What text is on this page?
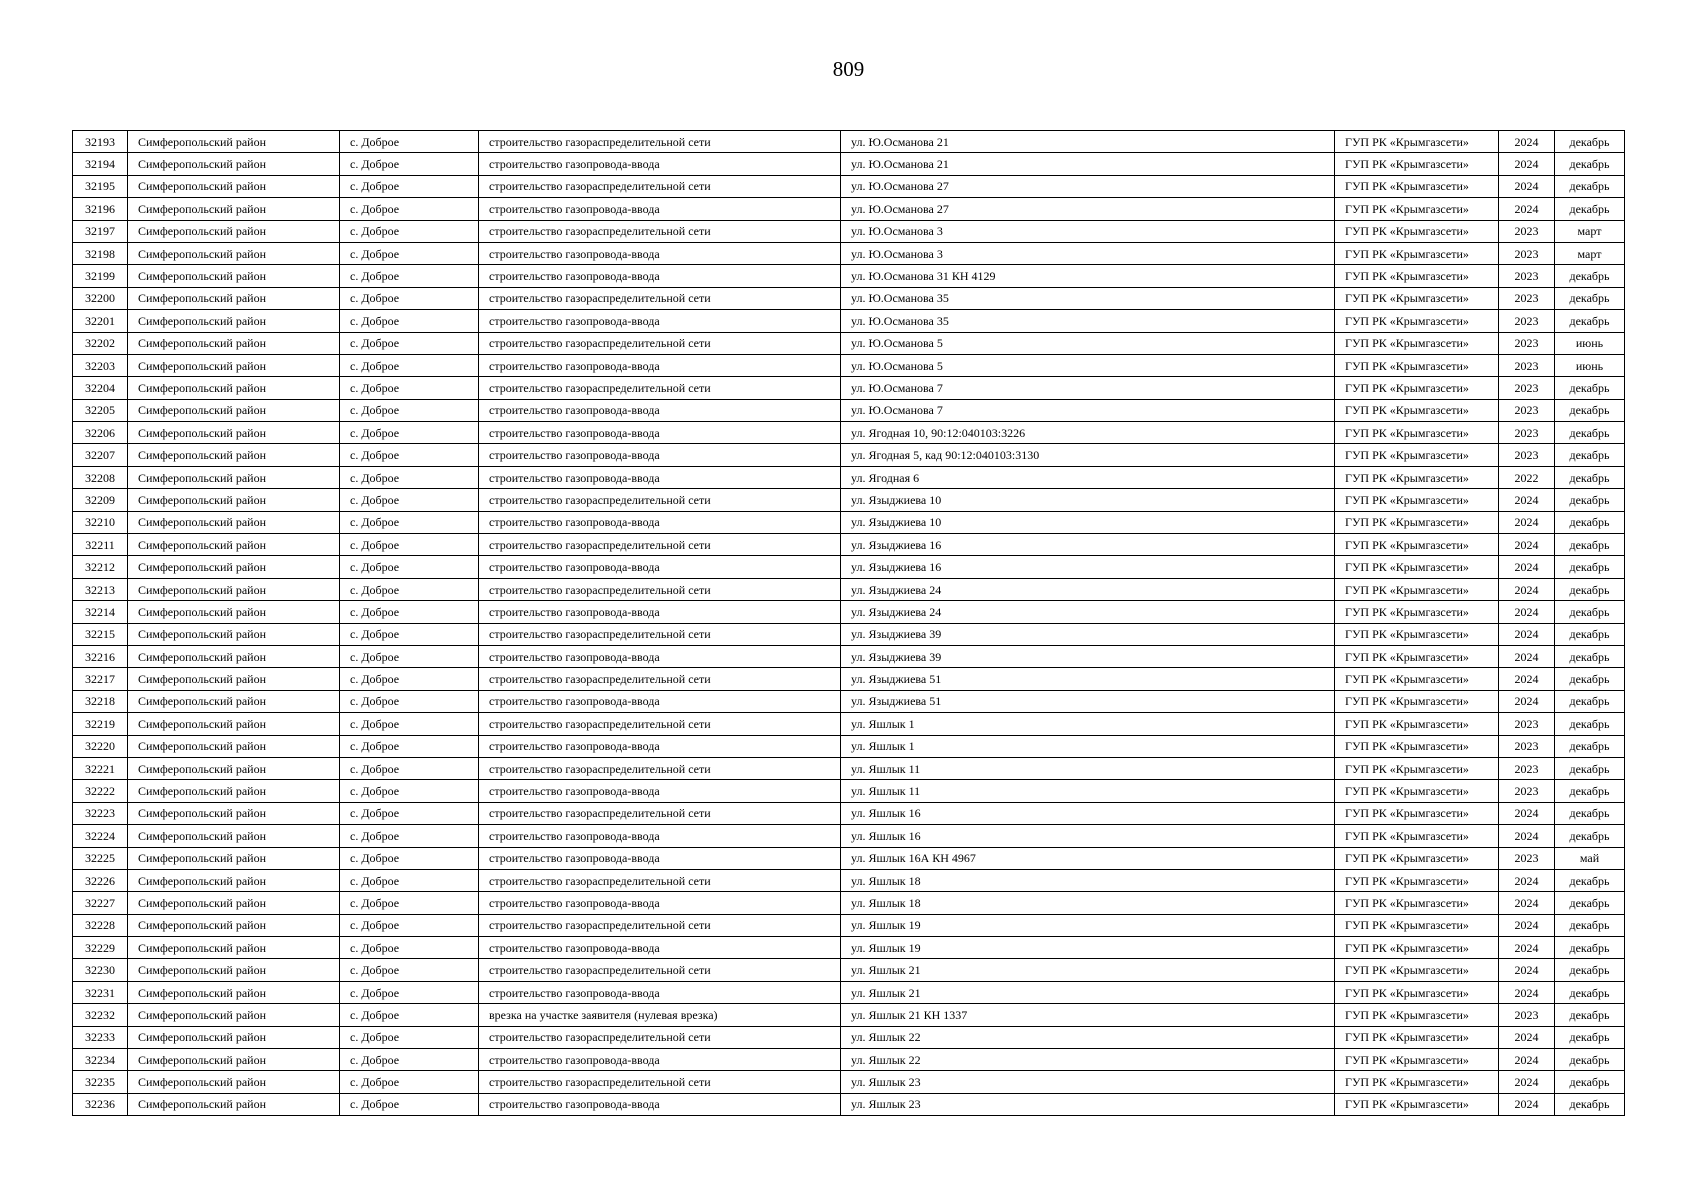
809
32193	Симферопольский район	с. Доброе	строительство газораспределительной сети	ул. Ю.Османова 21	ГУП РК «Крымгазсети»	2024	декабрь
32194	Симферопольский район	с. Доброе	строительство газопровода-ввода	ул. Ю.Османова 21	ГУП РК «Крымгазсети»	2024	декабрь
32195	Симферопольский район	с. Доброе	строительство газораспределительной сети	ул. Ю.Османова 27	ГУП РК «Крымгазсети»	2024	декабрь
32196	Симферопольский район	с. Доброе	строительство газопровода-ввода	ул. Ю.Османова 27	ГУП РК «Крымгазсети»	2024	декабрь
32197	Симферопольский район	с. Доброе	строительство газораспределительной сети	ул. Ю.Османова 3	ГУП РК «Крымгазсети»	2023	март
32198	Симферопольский район	с. Доброе	строительство газопровода-ввода	ул. Ю.Османова 3	ГУП РК «Крымгазсети»	2023	март
32199	Симферопольский район	с. Доброе	строительство газопровода-ввода	ул. Ю.Османова 31 КН 4129	ГУП РК «Крымгазсети»	2023	декабрь
32200	Симферопольский район	с. Доброе	строительство газораспределительной сети	ул. Ю.Османова 35	ГУП РК «Крымгазсети»	2023	декабрь
32201	Симферопольский район	с. Доброе	строительство газопровода-ввода	ул. Ю.Османова 35	ГУП РК «Крымгазсети»	2023	декабрь
32202	Симферопольский район	с. Доброе	строительство газораспределительной сети	ул. Ю.Османова 5	ГУП РК «Крымгазсети»	2023	июнь
32203	Симферопольский район	с. Доброе	строительство газопровода-ввода	ул. Ю.Османова 5	ГУП РК «Крымгазсети»	2023	июнь
32204	Симферопольский район	с. Доброе	строительство газораспределительной сети	ул. Ю.Османова 7	ГУП РК «Крымгазсети»	2023	декабрь
32205	Симферопольский район	с. Доброе	строительство газопровода-ввода	ул. Ю.Османова 7	ГУП РК «Крымгазсети»	2023	декабрь
32206	Симферопольский район	с. Доброе	строительство газопровода-ввода	ул. Ягодная 10, 90:12:040103:3226	ГУП РК «Крымгазсети»	2023	декабрь
32207	Симферопольский район	с. Доброе	строительство газопровода-ввода	ул. Ягодная 5, кад 90:12:040103:3130	ГУП РК «Крымгазсети»	2023	декабрь
32208	Симферопольский район	с. Доброе	строительство газопровода-ввода	ул. Ягодная 6	ГУП РК «Крымгазсети»	2022	декабрь
32209	Симферопольский район	с. Доброе	строительство газораспределительной сети	ул. Языджиева 10	ГУП РК «Крымгазсети»	2024	декабрь
32210	Симферопольский район	с. Доброе	строительство газопровода-ввода	ул. Языджиева 10	ГУП РК «Крымгазсети»	2024	декабрь
32211	Симферопольский район	с. Доброе	строительство газораспределительной сети	ул. Языджиева 16	ГУП РК «Крымгазсети»	2024	декабрь
32212	Симферопольский район	с. Доброе	строительство газопровода-ввода	ул. Языджиева 16	ГУП РК «Крымгазсети»	2024	декабрь
32213	Симферопольский район	с. Доброе	строительство газораспределительной сети	ул. Языджиева 24	ГУП РК «Крымгазсети»	2024	декабрь
32214	Симферопольский район	с. Доброе	строительство газопровода-ввода	ул. Языджиева 24	ГУП РК «Крымгазсети»	2024	декабрь
32215	Симферопольский район	с. Доброе	строительство газораспределительной сети	ул. Языджиева 39	ГУП РК «Крымгазсети»	2024	декабрь
32216	Симферопольский район	с. Доброе	строительство газопровода-ввода	ул. Языджиева 39	ГУП РК «Крымгазсети»	2024	декабрь
32217	Симферопольский район	с. Доброе	строительство газораспределительной сети	ул. Языджиева 51	ГУП РК «Крымгазсети»	2024	декабрь
32218	Симферопольский район	с. Доброе	строительство газопровода-ввода	ул. Языджиева 51	ГУП РК «Крымгазсети»	2024	декабрь
32219	Симферопольский район	с. Доброе	строительство газораспределительной сети	ул. Яшлык 1	ГУП РК «Крымгазсети»	2023	декабрь
32220	Симферопольский район	с. Доброе	строительство газопровода-ввода	ул. Яшлык 1	ГУП РК «Крымгазсети»	2023	декабрь
32221	Симферопольский район	с. Доброе	строительство газораспределительной сети	ул. Яшлык 11	ГУП РК «Крымгазсети»	2023	декабрь
32222	Симферопольский район	с. Доброе	строительство газопровода-ввода	ул. Яшлык 11	ГУП РК «Крымгазсети»	2023	декабрь
32223	Симферопольский район	с. Доброе	строительство газораспределительной сети	ул. Яшлык 16	ГУП РК «Крымгазсети»	2024	декабрь
32224	Симферопольский район	с. Доброе	строительство газопровода-ввода	ул. Яшлык 16	ГУП РК «Крымгазсети»	2024	декабрь
32225	Симферопольский район	с. Доброе	строительство газопровода-ввода	ул. Яшлык 16А КН 4967	ГУП РК «Крымгазсети»	2023	май
32226	Симферопольский район	с. Доброе	строительство газораспределительной сети	ул. Яшлык 18	ГУП РК «Крымгазсети»	2024	декабрь
32227	Симферопольский район	с. Доброе	строительство газопровода-ввода	ул. Яшлык 18	ГУП РК «Крымгазсети»	2024	декабрь
32228	Симферопольский район	с. Доброе	строительство газораспределительной сети	ул. Яшлык 19	ГУП РК «Крымгазсети»	2024	декабрь
32229	Симферопольский район	с. Доброе	строительство газопровода-ввода	ул. Яшлык 19	ГУП РК «Крымгазсети»	2024	декабрь
32230	Симферопольский район	с. Доброе	строительство газораспределительной сети	ул. Яшлык 21	ГУП РК «Крымгазсети»	2024	декабрь
32231	Симферопольский район	с. Доброе	строительство газопровода-ввода	ул. Яшлык 21	ГУП РК «Крымгазсети»	2024	декабрь
32232	Симферопольский район	с. Доброе	врезка на участке заявителя (нулевая врезка)	ул. Яшлык 21 КН 1337	ГУП РК «Крымгазсети»	2023	декабрь
32233	Симферопольский район	с. Доброе	строительство газораспределительной сети	ул. Яшлык 22	ГУП РК «Крымгазсети»	2024	декабрь
32234	Симферопольский район	с. Доброе	строительство газопровода-ввода	ул. Яшлык 22	ГУП РК «Крымгазсети»	2024	декабрь
32235	Симферопольский район	с. Доброе	строительство газораспределительной сети	ул. Яшлык 23	ГУП РК «Крымгазсети»	2024	декабрь
32236	Симферопольский район	с. Доброе	строительство газопровода-ввода	ул. Яшлык 23	ГУП РК «Крымгазсети»	2024	декабрь
